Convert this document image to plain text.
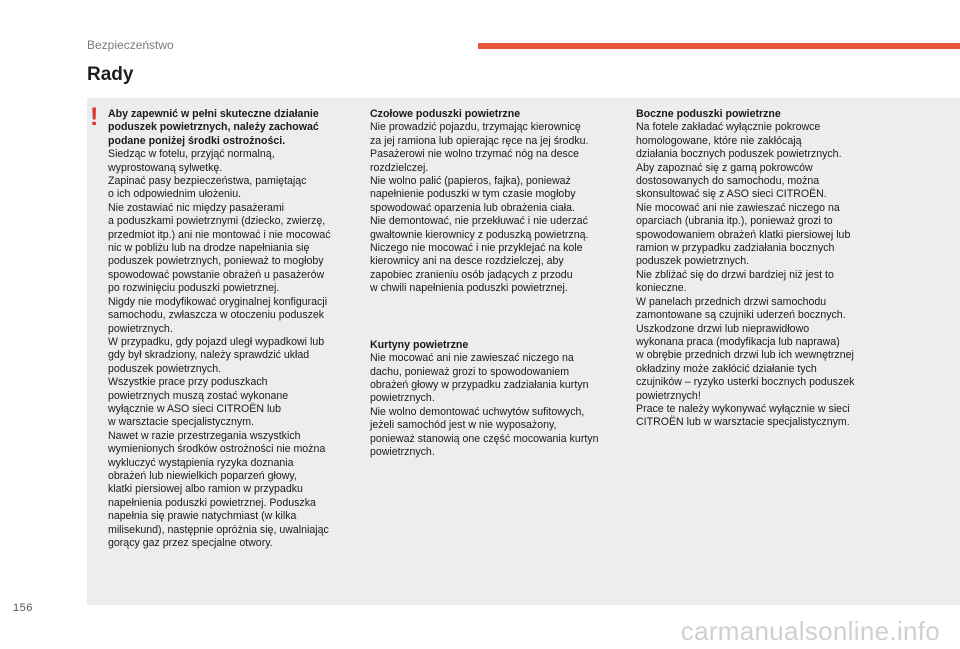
Bezpieczeństwo
Rady
! Aby zapewnić w pełni skuteczne działanie
poduszek powietrznych, należy zachować
podane poniżej środki ostrożności.
Siedząc w fotelu, przyjąć normalną,
wyprostowaną sylwetkę.
Zapinać pasy bezpieczeństwa, pamiętając
o ich odpowiednim ułożeniu.
Nie zostawiać nic między pasażerami
a poduszkami powietrznymi (dziecko, zwierzę,
przedmiot itp.) ani nie montować i nie mocować
nic w pobliżu lub na drodze napełniania się
poduszek powietrznych, ponieważ to mogłoby
spowodować powstanie obrażeń u pasażerów
po rozwinięciu poduszki powietrznej.
Nigdy nie modyfikować oryginalnej konfiguracji
samochodu, zwłaszcza w otoczeniu poduszek
powietrznych.
W przypadku, gdy pojazd uległ wypadkowi lub
gdy był skradziony, należy sprawdzić układ
poduszek powietrznych.
Wszystkie prace przy poduszkach
powietrznych muszą zostać wykonane
wyłącznie w ASO sieci CITROËN lub
w warsztacie specjalistycznym.
Nawet w razie przestrzegania wszystkich
wymienionych środków ostrożności nie można
wykluczyć wystąpienia ryzyka doznania
obrażeń lub niewielkich poparzeń głowy,
klatki piersiowej albo ramion w przypadku
napełnienia poduszki powietrznej. Poduszka
napełnia się prawie natychmiast (w kilka
milisekund), następnie opróżnia się, uwalniając
gorący gaz przez specjalne otwory.
Czołowe poduszki powietrzne
Nie prowadzić pojazdu, trzymając kierownicę
za jej ramiona lub opierając ręce na jej środku.
Pasażerowi nie wolno trzymać nóg na desce
rozdzielczej.
Nie wolno palić (papieros, fajka), ponieważ
napełnienie poduszki w tym czasie mogłoby
spowodować oparzenia lub obrażenia ciała.
Nie demontować, nie przekłuwać i nie uderzać
gwałtownie kierownicy z poduszką powietrzną.
Niczego nie mocować i nie przyklejać na kole
kierownicy ani na desce rozdzielczej, aby
zapobiec zranieniu osób jadących z przodu
w chwili napełnienia poduszki powietrznej.
Kurtyny powietrzne
Nie mocować ani nie zawieszać niczego na
dachu, ponieważ grozi to spowodowaniem
obrażeń głowy w przypadku zadziałania kurtyn
powietrznych.
Nie wolno demontować uchwytów sufitowych,
jeżeli samochód jest w nie wyposażony,
ponieważ stanowią one część mocowania kurtyn
powietrznych.
Boczne poduszki powietrzne
Na fotele zakładać wyłącznie pokrowce
homologowane, które nie zakłócają
działania bocznych poduszek powietrznych.
Aby zapoznać się z gamą pokrowców
dostosowanych do samochodu, można
skonsultować się z ASO sieci CITROËN.
Nie mocować ani nie zawieszać niczego na
oparciach (ubrania itp.), ponieważ grozi to
spowodowaniem obrażeń klatki piersiowej lub
ramion w przypadku zadziałania bocznych
poduszek powietrznych.
Nie zbliżać się do drzwi bardziej niż jest to
konieczne.
W panelach przednich drzwi samochodu
zamontowane są czujniki uderzeń bocznych.
Uszkodzone drzwi lub nieprawidłowo
wykonana praca (modyfikacja lub naprawa)
w obrębie przednich drzwi lub ich wewnętrznej
okładziny może zakłócić działanie tych
czujników – ryzyko usterki bocznych poduszek
powietrznych!
Prace te należy wykonywać wyłącznie w sieci
CITROËN lub w warsztacie specjalistycznym.
156
carmanualsonline.info
